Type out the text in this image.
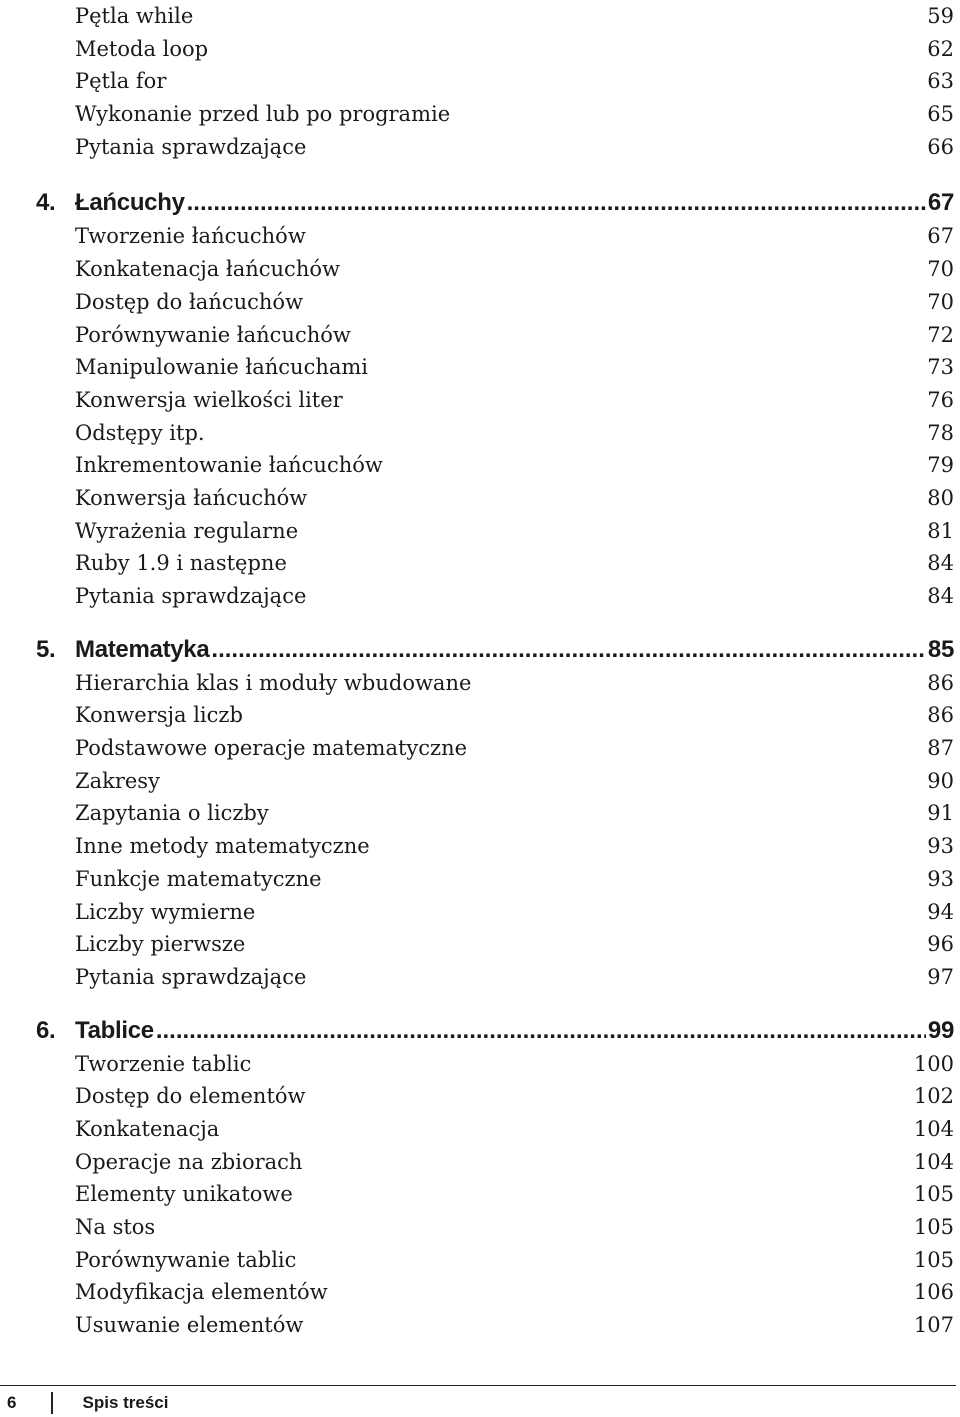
Pętla while	59
Metoda loop	62
Pętla for	63
Wykonanie przed lub po programie	65
Pytania sprawdzające	66
4. Łańcuchy .....	67
Tworzenie łańcuchów	67
Konkatenacja łańcuchów	70
Dostęp do łańcuchów	70
Porównywanie łańcuchów	72
Manipulowanie łańcuchami	73
Konwersja wielkości liter	76
Odstępy itp.	78
Inkrementowanie łańcuchów	79
Konwersja łańcuchów	80
Wyrażenia regularne	81
Ruby 1.9 i następne	84
Pytania sprawdzające	84
5. Matematyka .....	85
Hierarchia klas i moduły wbudowane	86
Konwersja liczb	86
Podstawowe operacje matematyczne	87
Zakresy	90
Zapytania o liczby	91
Inne metody matematyczne	93
Funkcje matematyczne	93
Liczby wymierne	94
Liczby pierwsze	96
Pytania sprawdzające	97
6. Tablice .....	99
Tworzenie tablic	100
Dostęp do elementów	102
Konkatenacja	104
Operacje na zbiorach	104
Elementy unikatowe	105
Na stos	105
Porównywanie tablic	105
Modyfikacja elementów	106
Usuwanie elementów	107
6	Spis treści
